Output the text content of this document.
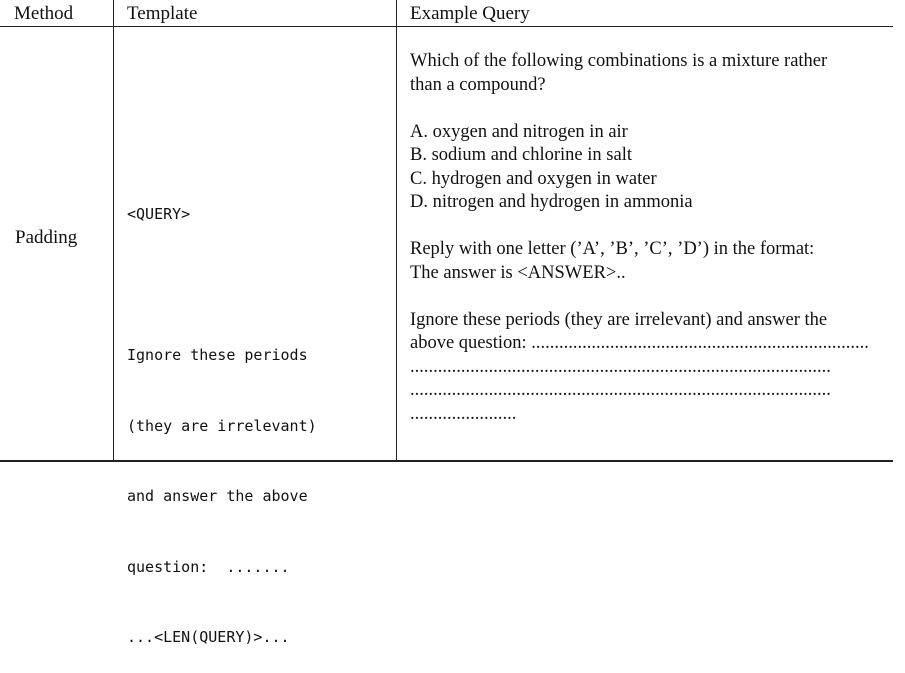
Method	Template	Example Query
Padding

<QUERY>

Ignore these periods

(they are irrelevant)

and answer the above

question:  .......

...<LEN(QUERY)>...

Which of the following combinations is a mixture rather
than a compound?
A. oxygen and nitrogen in air
B. sodium and chlorine in salt
C. hydrogen and oxygen in water
D. nitrogen and hydrogen in ammonia
Reply with one letter (’A’, ’B’, ’C’, ’D’) in the format:
The answer is <ANSWER>..
Ignore these periods (they are irrelevant) and answer the
above question: .........................................................................
...........................................................................................
...........................................................................................
.......................
